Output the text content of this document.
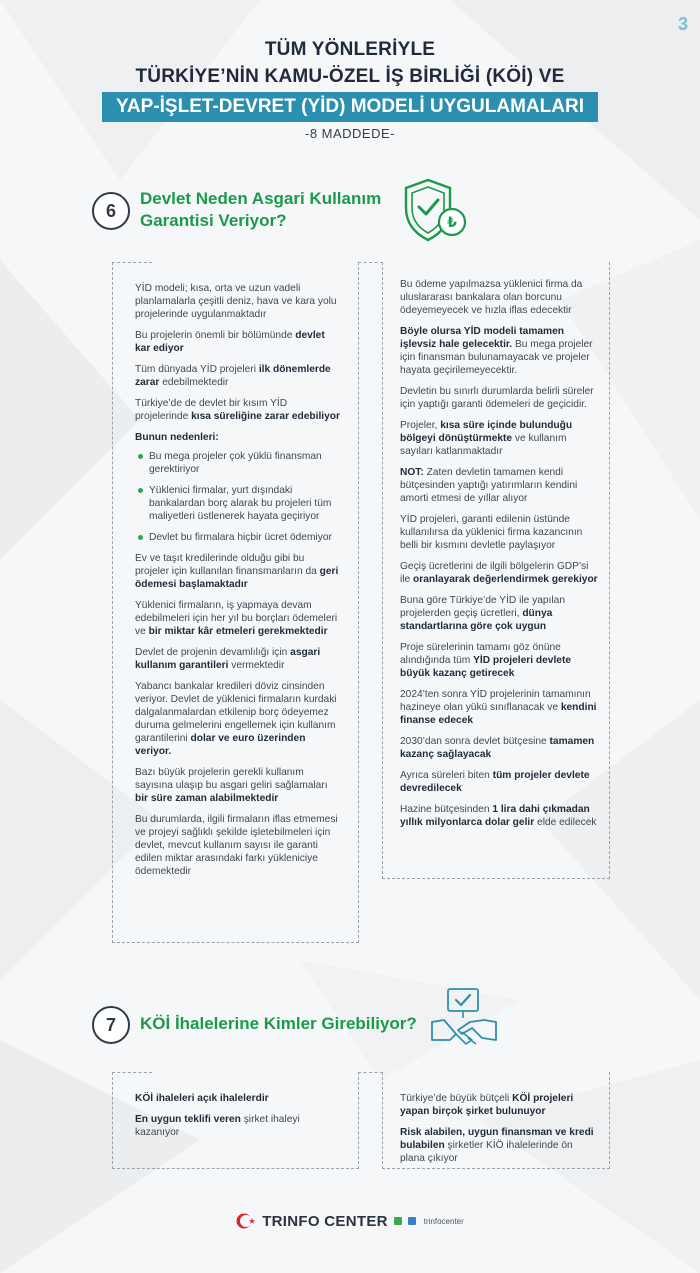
3
TÜM YÖNLERİYLE
TÜRKİYE’NİN KAMU-ÖZEL İŞ BİRLİĞİ (KÖİ) VE
YAP-İŞLET-DEVRET (YİD) MODELİ UYGULAMALARI
-8 MADDEDE-
6
Devlet Neden Asgari Kullanım
Garantisi Veriyor?	₺

YİD modeli; kısa, orta ve uzun vadeli planlamalarla çeşitli deniz, hava ve kara yolu projelerinde uygulanmaktadır

Bu projelerin önemli bir bölümünde devlet kar ediyor

Tüm dünyada YİD projeleri ilk dönemlerde zarar edebilmektedir

Türkiye’de de devlet bir kısım YİD projelerinde kısa süreliğine zarar edebiliyor

Bunun nedenleri:

Bu mega projeler çok yüklü finansman gerektiriyor
Yüklenici firmalar, yurt dışındaki bankalardan borç alarak bu projeleri tüm maliyetleri üstlenerek hayata geçiriyor
Devlet bu firmalara hiçbir ücret ödemiyor

Ev ve taşıt kredilerinde olduğu gibi bu projeler için kullanılan finansmanların da geri ödemesi başlamaktadır

Yüklenici firmaların, iş yapmaya devam edebilmeleri için her yıl bu borçları ödemeleri ve bir miktar kâr etmeleri gerekmektedir

Devlet de projenin devamlılığı için asgari kullanım garantileri vermektedir

Yabancı bankalar kredileri döviz cinsinden veriyor. Devlet de yüklenici firmaların kurdaki dalgalanmalardan etkilenip borç ödeyemez duruma gelmelerini engellemek için kullanım garantilerini dolar ve euro üzerinden veriyor.

Bazı büyük projelerin gerekli kullanım sayısına ulaşıp bu asgari geliri sağlamaları bir süre zaman alabilmektedir

Bu durumlarda, ilgili firmaların iflas etmemesi ve projeyi sağlıklı şekilde işletebilmeleri için devlet, mevcut kullanım sayısı ile garanti edilen miktar arasındaki farkı yükleniciye ödemektedir

Bu ödeme yapılmazsa yüklenici firma da uluslararası bankalara olan borcunu ödeyemeyecek ve hızla iflas edecektir

Böyle olursa YİD modeli tamamen işlevsiz hale gelecektir. Bu mega projeler için finansman bulunamayacak ve projeler hayata geçirilemeyecektir.

Devletin bu sınırlı durumlarda belirli süreler için yaptığı garanti ödemeleri de geçicidir.

Projeler, kısa süre içinde bulunduğu bölgeyi dönüştürmekte ve kullanım sayıları katlanmaktadır

NOT: Zaten devletin tamamen kendi bütçesinden yaptığı yatırımların kendini amorti etmesi de yıllar alıyor

YİD projeleri, garanti edilenin üstünde kullanılırsa da yüklenici firma kazancının belli bir kısmını devletle paylaşıyor

Geçiş ücretlerini de ilgili bölgelerin GDP’si ile oranlayarak değerlendirmek gerekiyor

Buna göre Türkiye’de YİD ile yapılan projelerden geçiş ücretleri, dünya standartlarına göre çok uygun

Proje sürelerinin tamamı göz önüne alındığında tüm YİD projeleri devlete büyük kazanç getirecek

2024’ten sonra YİD projelerinin tamamının hazineye olan yükü sınıflanacak ve kendini finanse edecek

2030’dan sonra devlet bütçesine tamamen kazanç sağlayacak

Ayrıca süreleri biten tüm projeler devlete devredilecek

Hazine bütçesinden 1 lira dahi çıkmadan yıllık milyonlarca dolar gelir elde edilecek

7	KÖİ İhalelerine Kimler Girebiliyor?

KÖİ ihaleleri açık ihalelerdir

En uygun teklifi veren şirket ihaleyi kazanıyor

Türkiye’de büyük bütçeli KÖİ projeleri yapan birçok şirket bulunuyor

Risk alabilen, uygun finansman ve kredi bulabilen şirketler KİÖ ihalelerinde ön plana çıkıyor

TRINFO CENTER	trinfocenter
